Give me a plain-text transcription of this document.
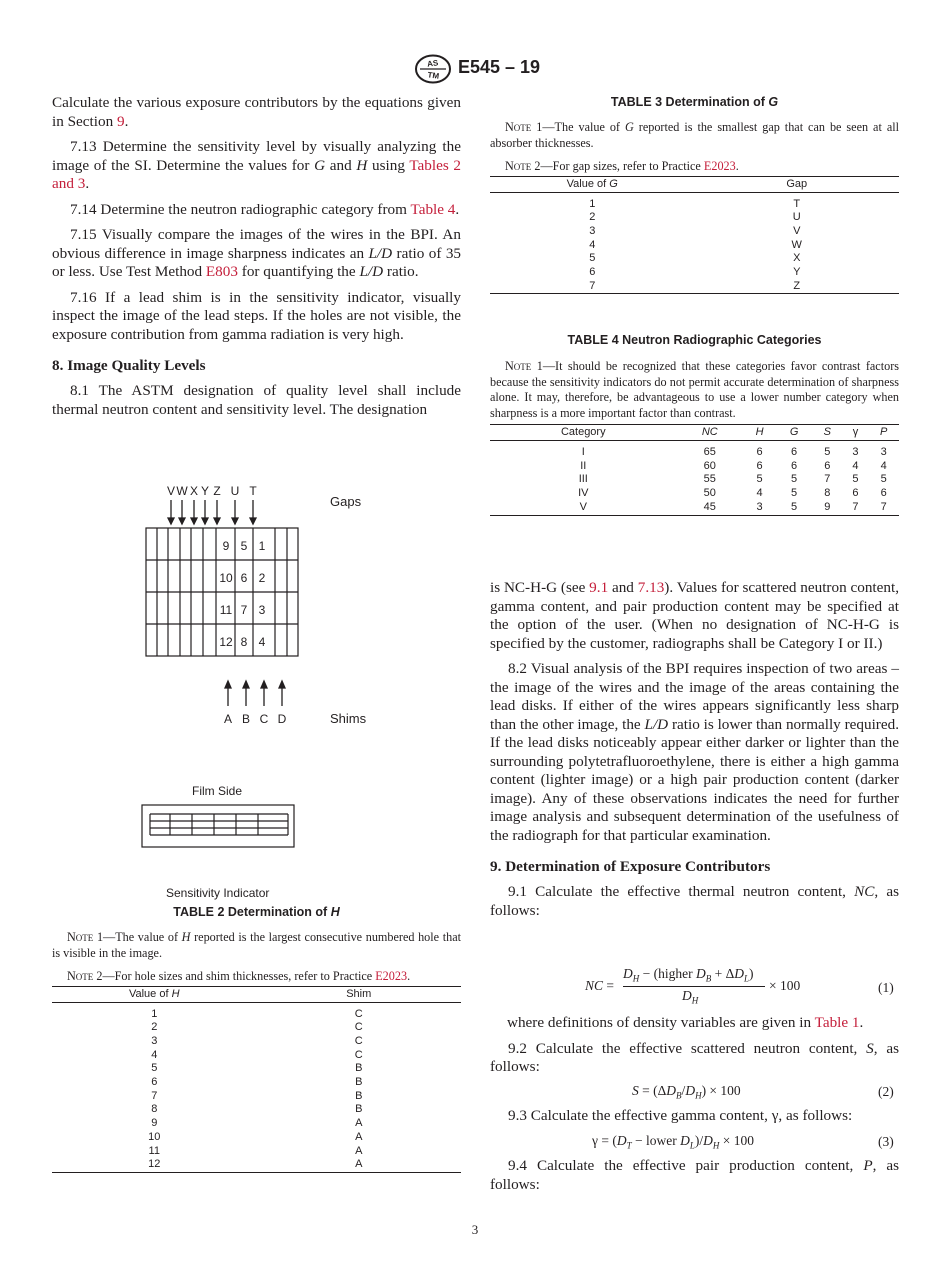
AS
TM E545 – 19

Calculate the various exposure contributors by the equations given in Section 9.

7.13 Determine the sensitivity level by visually analyzing the image of the SI. Determine the values for G and H using Tables 2 and 3.

7.14 Determine the neutron radiographic category from Table 4.

7.15 Visually compare the images of the wires in the BPI. An obvious difference in image sharpness indicates an L/D ratio of 35 or less. Use Test Method E803 for quantifying the L/D ratio.

7.16 If a lead shim is in the sensitivity indicator, visually inspect the image of the lead steps. If the holes are not visible, the exposure contribution from gamma radiation is very high.

8. Image Quality Levels

8.1 The ASTM designation of quality level shall include thermal neutron content and sensitivity level. The designation

V W X Y Z U T
Gaps
9 5 1
10 6 2
11 7 3
12 8 4
A B C D	Shims
Film Side
Sensitivity Indicator
TABLE 2 Determination of H

Note 1—The value of H reported is the largest consecutive numbered hole that is visible in the image.

Note 2—For hole sizes and shim thicknesses, refer to Practice E2023.

Value of H	Shim
1	C
2	C
3	C
4	C
5	B
6	B
7	B
8	B
9	A
10	A
11	A
12	A
TABLE 3 Determination of G

Note 1—The value of G reported is the smallest gap that can be seen at all absorber thicknesses.

Note 2—For gap sizes, refer to Practice E2023.

Value of G	Gap
1	T
2	U
3	V
4	W
5	X
6	Y
7	Z
TABLE 4 Neutron Radiographic Categories

Note 1—It should be recognized that these categories favor contrast factors because the sensitivity indicators do not permit accurate determination of sharpness alone. It may, therefore, be advantageous to use a lower number category when sharpness is a more important factor than contrast.

Category	NC	H	G	S	γ	P
I	65	6	6	5	3	3
II	60	6	6	6	4	4
III	55	5	5	7	5	5
IV	50	4	5	8	6	6
V	45	3	5	9	7	7

is NC-H-G (see 9.1 and 7.13). Values for scattered neutron content, gamma content, and pair production content may be specified at the option of the user. (When no designation of NC-H-G is specified by the customer, radiographs shall be Category I or II.)

8.2 Visual analysis of the BPI requires inspection of two areas – the image of the wires and the image of the areas containing the lead disks. If either of the wires appears significantly less sharp than the other image, the L/D ratio is lower than normally required. If the lead disks noticeably appear either darker or lighter than the surrounding polytetrafluoroethylene, there is either a high gamma content (lighter image) or a high pair production content (darker image). Any of these observations indicates the need for further image analysis and subsequent determination of the usefulness of the radiograph for that particular examination.

9. Determination of Exposure Contributors

9.1 Calculate the effective thermal neutron content, NC, as follows:

NC =
$D_H$ − (higher $D_B + \Delta D_L$)
$D_H$
× 100	(1)

where definitions of density variables are given in Table 1.

9.2 Calculate the effective scattered neutron content, S, as follows:

$S = (\Delta D_B/D_H) \times 100$	(2)

9.3 Calculate the effective gamma content, γ, as follows:

$\gamma = (D_T$ − lower $D_L)/D_H \times 100$	(3)

9.4 Calculate the effective pair production content, P, as follows:

3
